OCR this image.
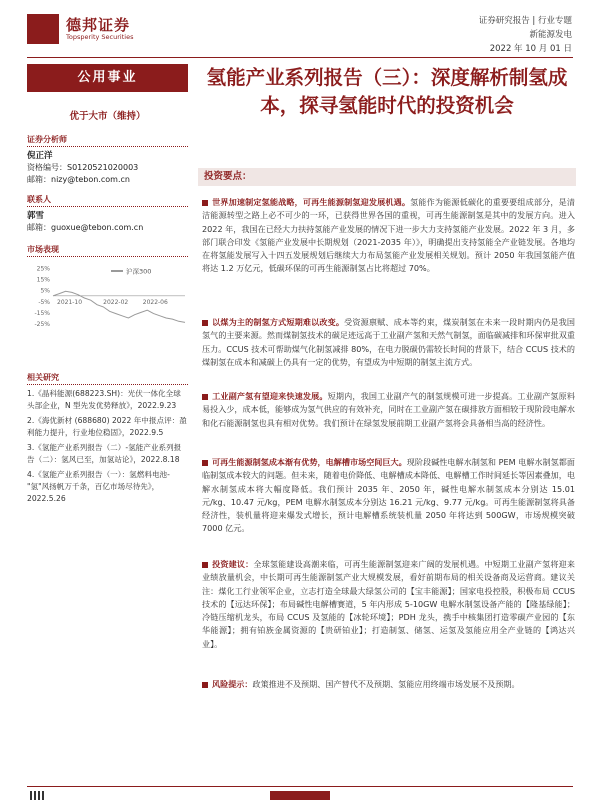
德邦证券
Topsperity Securities
证券研究报告 | 行业专题
新能源发电
2022 年 10 月 01 日
公用事业
优于大市（维持）
证券分析师
倪正洋
资格编号：S0120521020003
邮箱：nizy@tebon.com.cn
联系人
郭雪
邮箱：guoxue@tebon.com.cn
市场表现
25%
15%
5%
-5%
-15%
-25%
2021-10	2022-02 2022-06
沪深300
相关研究
1.《晶科能源(688223.SH)：光伏一体化全球头部企业，N 型先发优势释放》，2022.9.23
2.《海优新材 (688680) 2022 年中报点评：盈利能力提升，行业地位稳固》，2022.9.5
3.《氢能产业系列报告（二）-氢能产业系列报告（二）：氢风已至，加氢站论》，2022.8.18
4.《氢能产业系列报告（一）：氢燃料电池-"氢"风扬帆万千条，百亿市场尽待先》，2022.5.26
氢能产业系列报告（三）：深度解析制氢成本，探寻氢能时代的投资机会
投资要点：
世界加速制定氢能战略，可再生能源制氢迎发展机遇。氢能作为能源低碳化的重要要组成部分，是清洁能源转型之路上必不可少的一环，已获得世界各国的重视，可再生能源制氢是其中的发展方向。进入 2022 年，我国在已经大力扶持氢能产业发展的情况下进一步大力支持氢能产业发展。2022 年 3 月，多部门联合印发《氢能产业发展中长期规划（2021-2035 年）》，明确提出支持氢能全产业链发展。各地均在将氢能发展写入十四五发展规划后继续大力布局氢能产业发展相关规划。预计 2050 年我国氢能产值将达 1.2 万亿元，低碳环保的可再生能源制氢占比将超过 70%。
以煤为主的制氢方式短期难以改变。受资源禀赋、成本等约束，煤炭制氢在未来一段时期内仍是我国氢气的主要来源。然而煤制氢技术的碳足迹远高于工业副产氢和天然气制氢，面临碳减排和环保审批双重压力。CCUS 技术可帮助煤气化制氢减排 80%，在电力脱碳仍需较长时间的背景下，结合 CCUS 技术的煤制氢在成本和减碳上仍具有一定的优势，有望成为中短期的制氢主流方式。
工业副产氢有望迎来快速发展。短期内，我国工业副产气的制氢规模可进一步提高。工业副产氢原料易投入少，成本低，能够成为氢气供应的有效补充，同时在工业副产氢在碳排放方面相较于现阶段电解水和化石能源制氢也具有相对优势。我们预计在绿氢发展前期工业副产氢将会具备相当高的经济性。
可再生能源制氢成本渐有优势，电解槽市场空间巨大。现阶段碱性电解水制氢和 PEM 电解水制氢都面临制氢成本较大的问题。但未来，随着电价降低、电解槽成本降低、电解槽工作时间延长等因素叠加，电解水制氢成本将大幅度降低。我们预计 2035 年、2050 年，碱性电解水制氢成本分别达 15.01 元/kg、10.47 元/kg，PEM 电解水制氢成本分别达 16.21 元/kg、9.77 元/kg。可再生能源制氢将具备经济性，装机量将迎来爆发式增长，预计电解槽系统装机量 2050 年将达到 500GW，市场规模突破 7000 亿元。
投资建议：全球氢能建设高潮来临，可再生能源制氢迎来广阔的发展机遇。中短期工业副产氢将迎来业绩放量机会，中长期可再生能源制氢产业大规模发展，看好前期布局的相关设备商及运营商。建议关注：煤化工行业领军企业，立志打造全球最大绿氢公司的【宝丰能源】；国家电投控股，积极布局 CCUS 技术的【远达环保】；布局碱性电解槽赛道，5 年内形成 5-10GW 电解水制氢设备产能的【隆基绿能】；冷链压缩机龙头，布局 CCUS 及氢能的【冰轮环境】；PDH 龙头，携手中核集团打造零碳产业园的【东华能源】；拥有铂族金属资源的【贵研铂业】；打造制氢、储氢、运氢及氢能应用全产业链的【鸿达兴业】。
风险提示：政策推进不及预期、国产替代不及预期、氢能应用终端市场发展不及预期。
